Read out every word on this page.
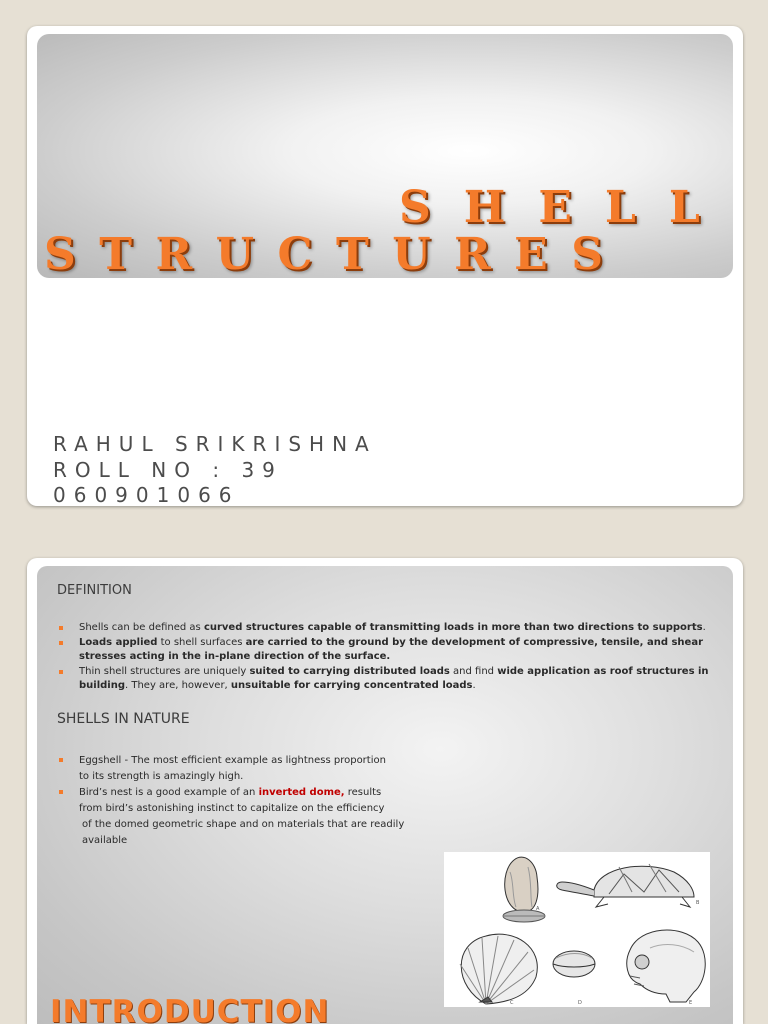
SHELL
STRUCTURES
RAHUL SRIKRISHNA
ROLL NO : 39
060901066
DEFINITION
Shells can be defined as curved structures capable of transmitting loads in more than two directions to supports.
Loads applied to shell surfaces are carried to the ground by the development of compressive, tensile, and shear stresses acting in the in-plane direction of the surface.
Thin shell structures are uniquely suited to carrying distributed loads and find wide application as roof structures in building. They are, however, unsuitable for carrying concentrated loads.
SHELLS IN NATURE
Eggshell - The most efficient example as lightness proportion
to its strength is amazingly high.
Bird’s nest is a good example of an inverted dome, results
from bird’s astonishing instinct to capitalize on the efficiency
of the domed geometric shape and on materials that are readily
available
A
B
C	D	E
INTRODUCTION
